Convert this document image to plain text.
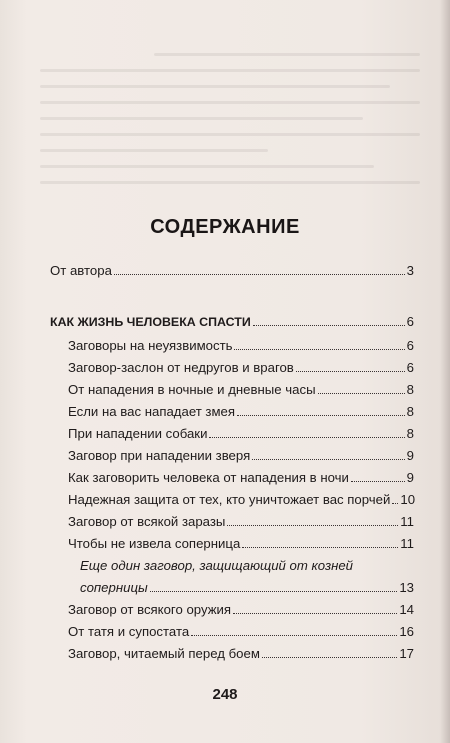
СОДЕРЖАНИЕ
От автора	3
КАК ЖИЗНЬ ЧЕЛОВЕКА СПАСТИ	6
Заговоры на неуязвимость	6
Заговор-заслон от недругов и врагов	6
От нападения в ночные и дневные часы	8
Если на вас нападает змея	8
При нападении собаки	8
Заговор при нападении зверя	9
Как заговорить человека от нападения в ночи	9
Надежная защита от тех, кто уничтожает вас порчей 10
Заговор от всякой заразы	11
Чтобы не извела соперница	11
Еще один заговор, защищающий от козней
соперницы	13
Заговор от всякого оружия	14
От татя и супостата	16
Заговор, читаемый перед боем	17
248
